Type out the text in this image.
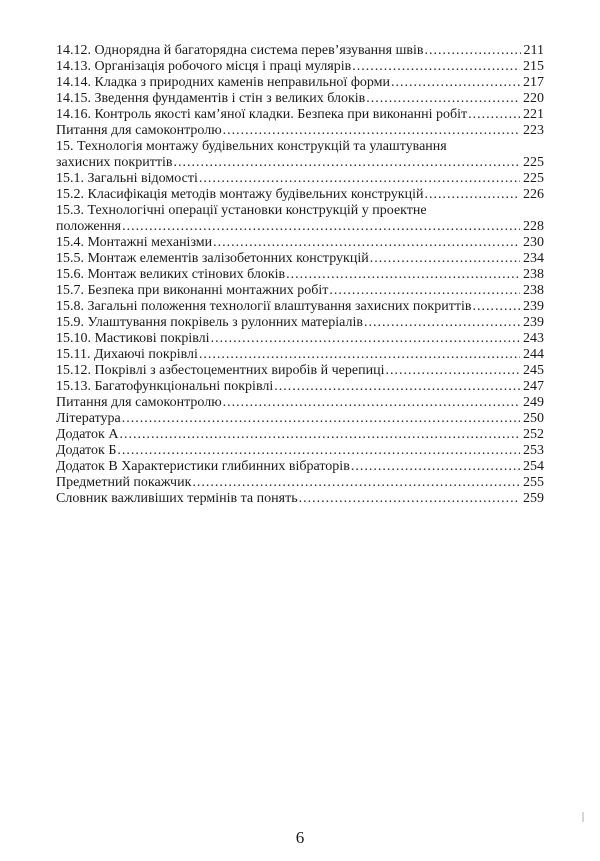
14.12. Однорядна й багаторядна система перев’язування швів .....	211
14.13. Організація робочого місця і праці мулярів .....	215
14.14. Кладка з природних каменів неправильної форми .....	217
14.15. Зведення фундаментів і стін з великих блоків .....	220
14.16. Контроль якості кам’яної кладки. Безпека при виконанні робіт .....	221
Питання для самоконтролю .....	223
15. Технологія монтажу будівельних конструкцій та улаштування
захисних покриттів .....	225
15.1. Загальні відомості .....	225
15.2. Класифікація методів монтажу будівельних конструкцій .....	226
15.3. Технологічні операції установки конструкцій у проектне
положення .....	228
15.4. Монтажні механізми .....	230
15.5. Монтаж елементів залізобетонних конструкцій .....	234
15.6. Монтаж великих стінових блоків .....	238
15.7. Безпека при виконанні монтажних робіт .....	238
15.8. Загальні положення технології влаштування захисних покриттів .....	239
15.9. Улаштування покрівель з рулонних матеріалів .....	239
15.10. Мастикові покрівлі .....	243
15.11. Дихаючі покрівлі .....	244
15.12. Покрівлі з азбестоцементних виробів й черепиці .....	245
15.13. Багатофункціональні покрівлі .....	247
Питання для самоконтролю .....	249
Література .....	250
Додаток А .....	252
Додаток Б .....	253
Додаток В Характеристики глибинних вібраторів .....	254
Предметний покажчик .....	255
Словник важливіших термінів та понять .....	259
6
